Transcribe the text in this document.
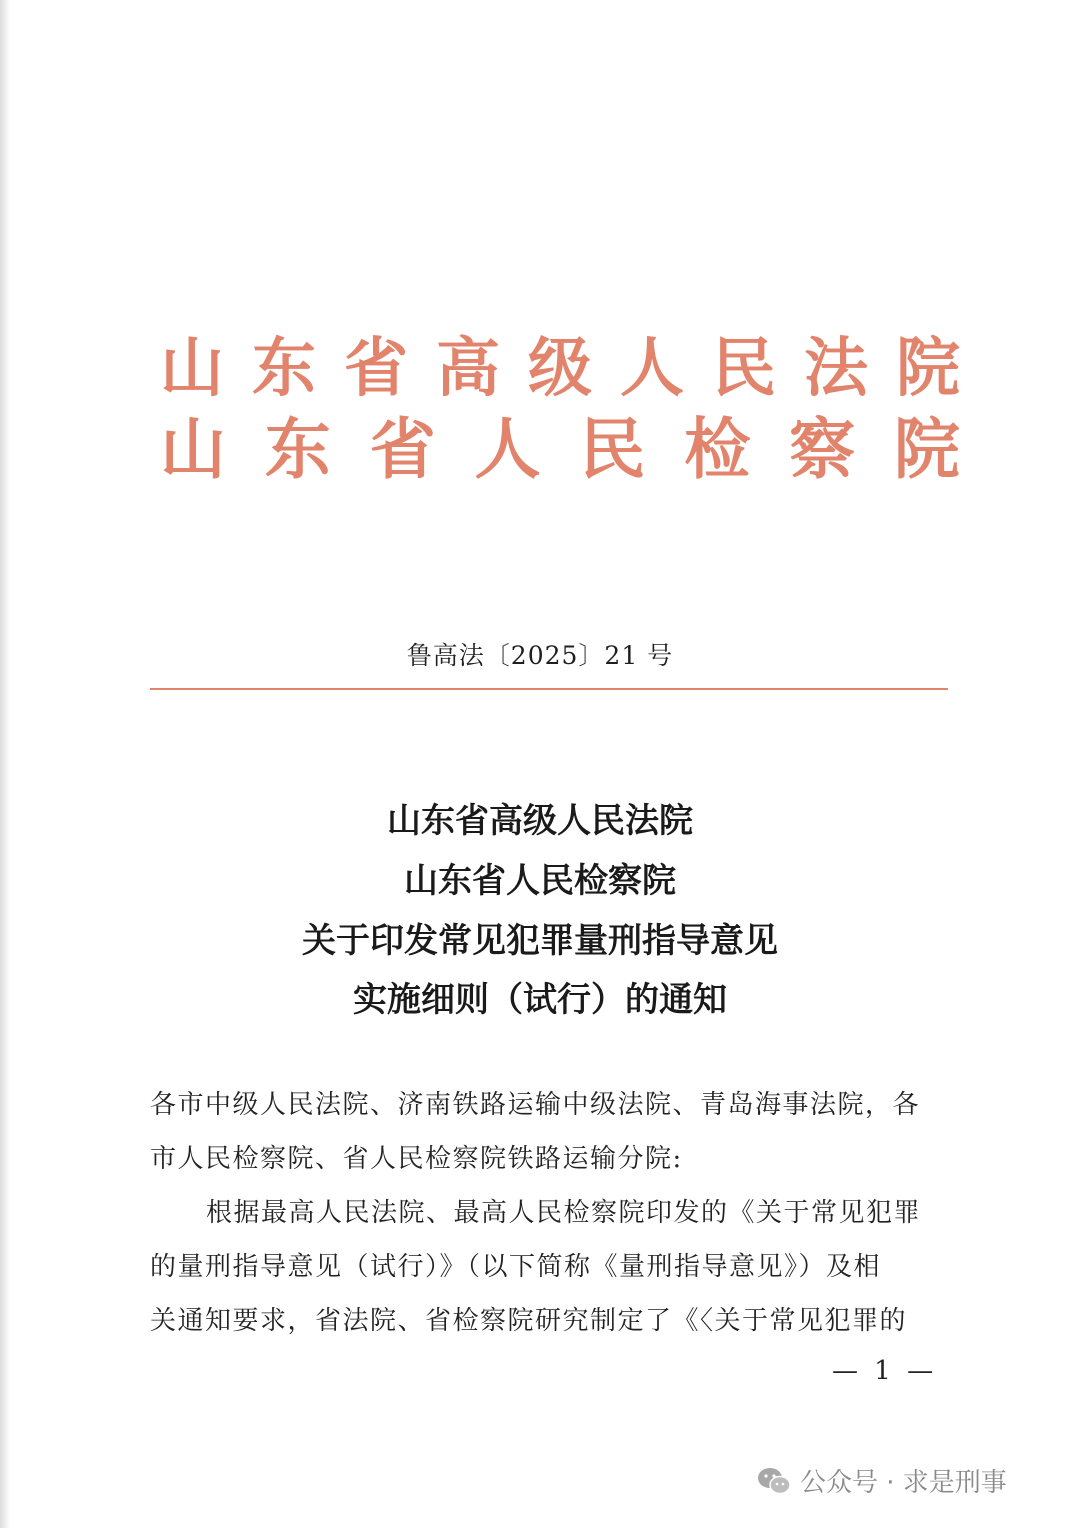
山 东 省 高 级 人 民 法 院
山 东 省 人 民 检 察 院
鲁高法〔2025〕21 号
山东省高级人民法院
山东省人民检察院
关于印发常见犯罪量刑指导意见
实施细则（试行）的通知
各市中级人民法院、济南铁路运输中级法院、青岛海事法院，各
市人民检察院、省人民检察院铁路运输分院:
根据最高人民法院、最高人民检察院印发的《关于常见犯罪
的量刑指导意见（试行）》（以下简称《量刑指导意见》）及相
关通知要求，省法院、省检察院研究制定了《〈关于常见犯罪的
— 1 —
公众号 · 求是刑事
